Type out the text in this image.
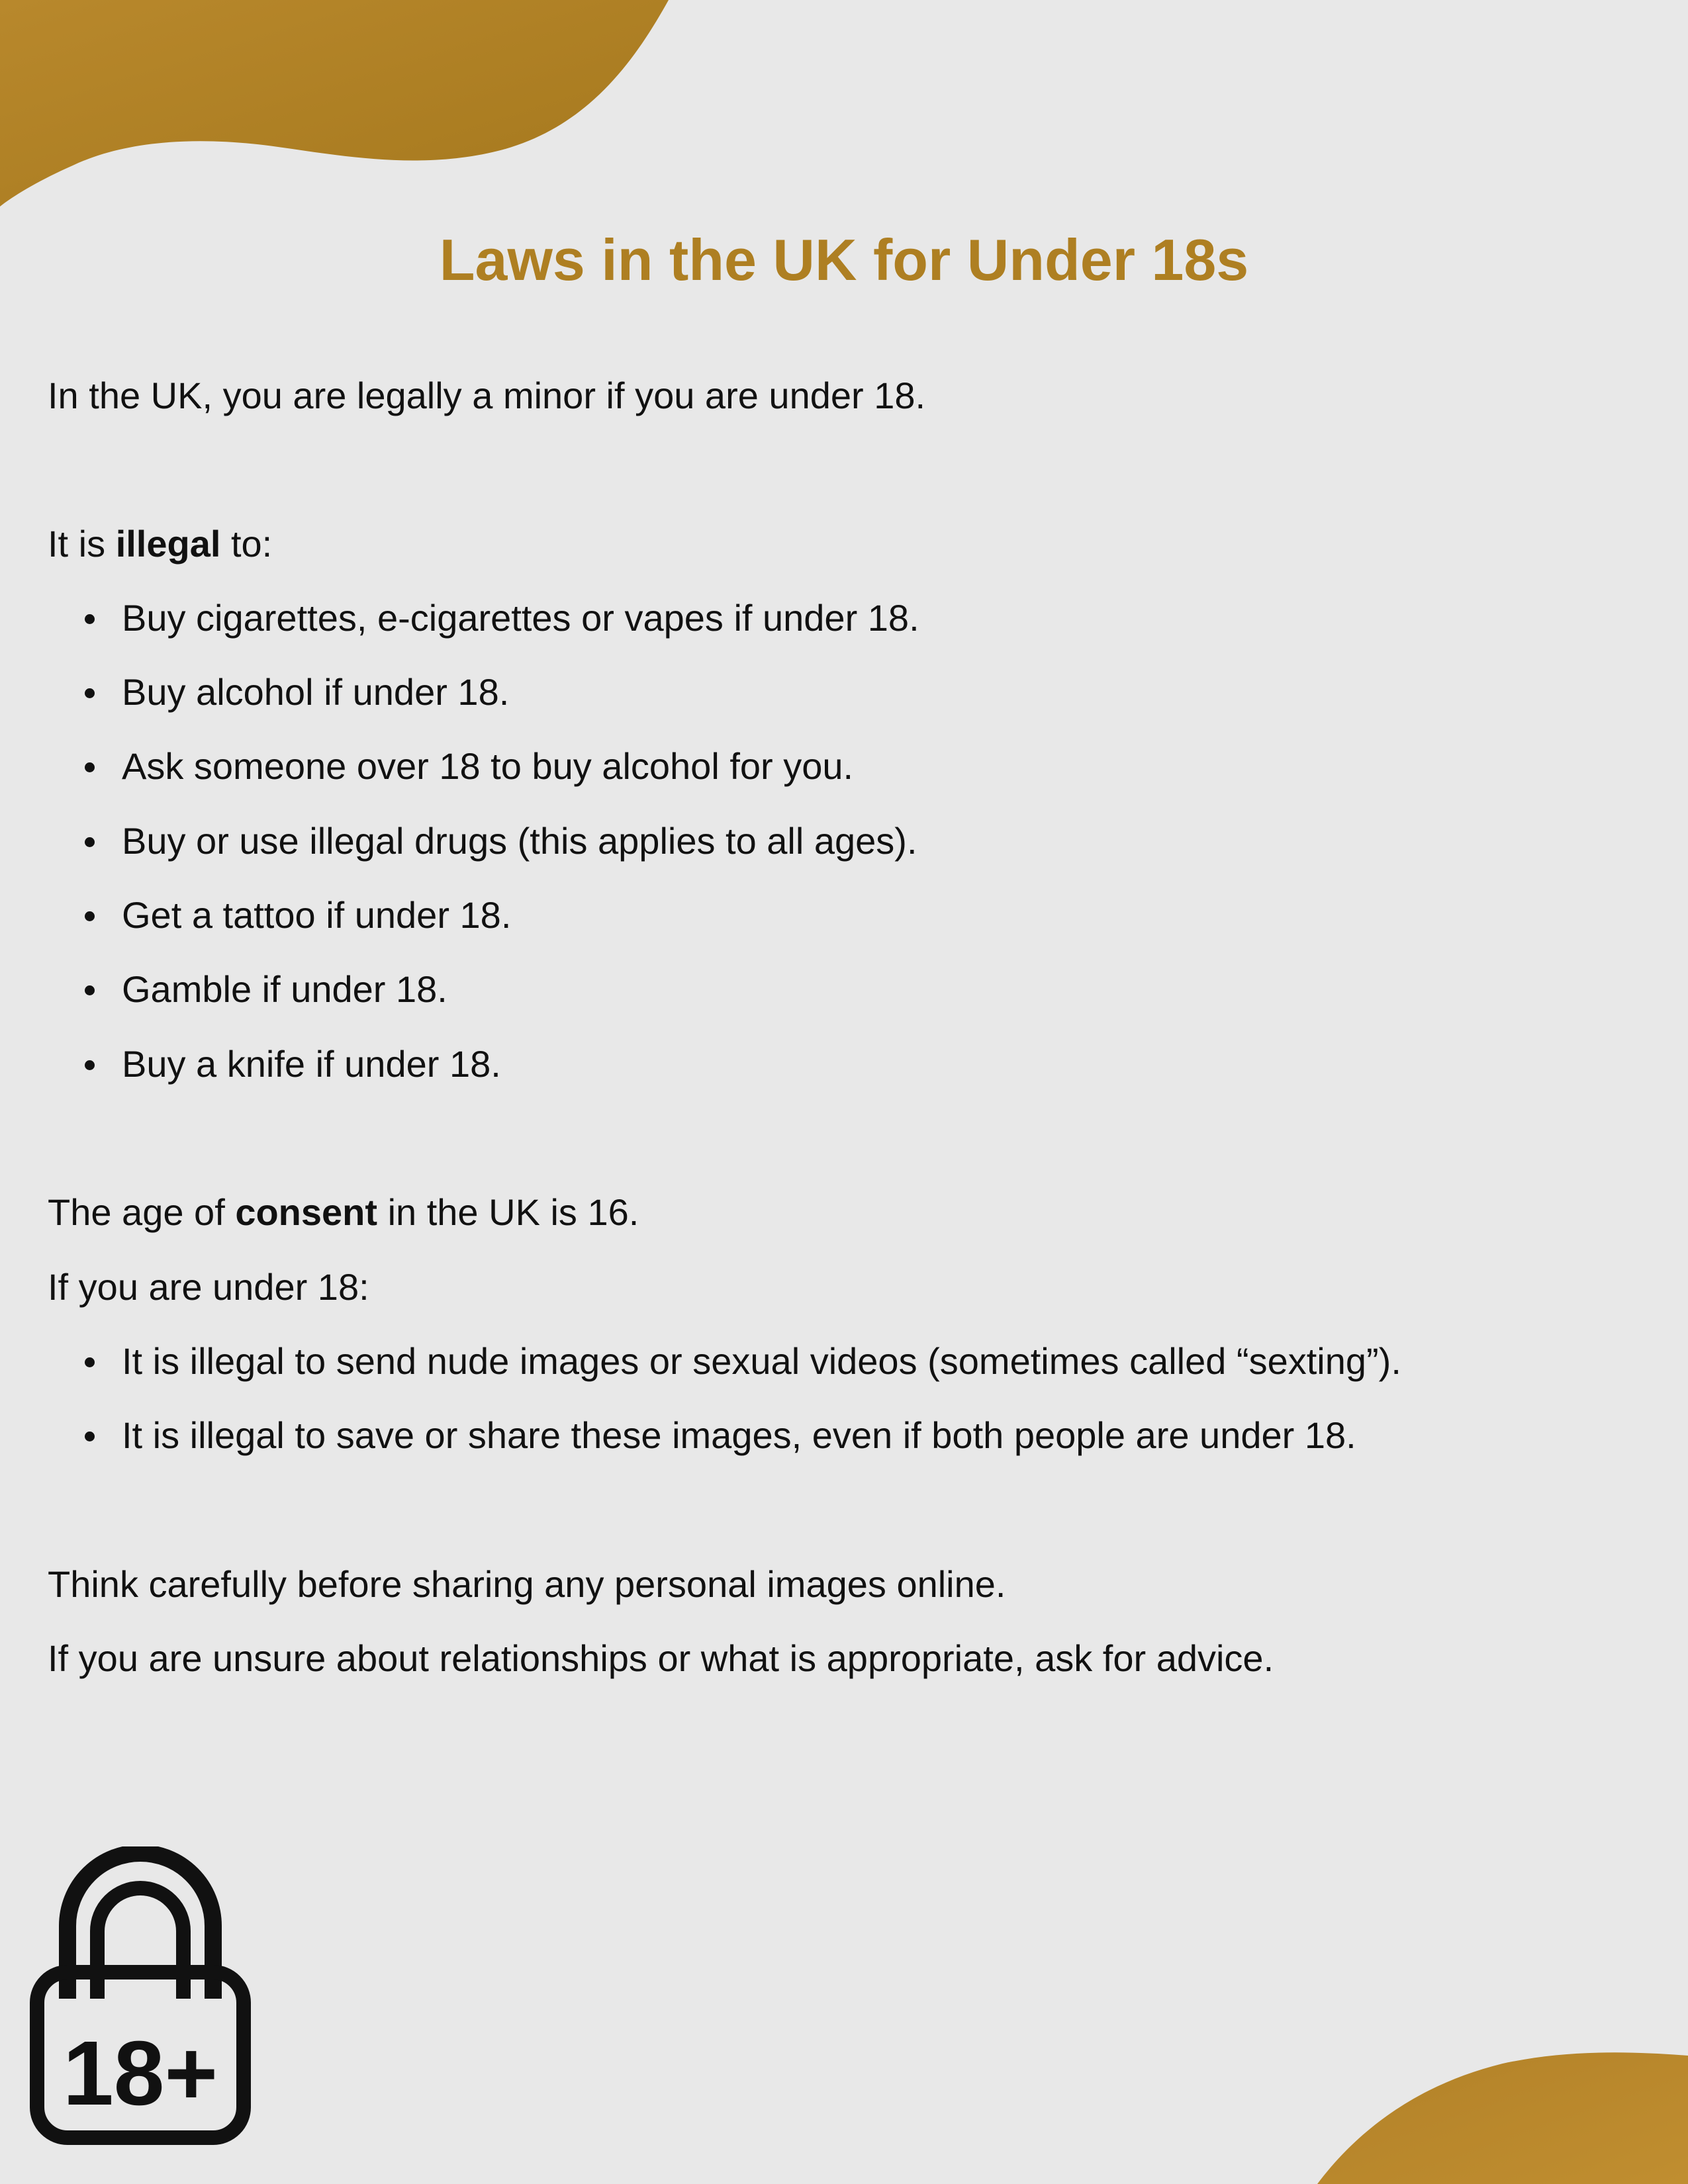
Laws in the UK for Under 18s

In the UK, you are legally a minor if you are under 18.

It is illegal to:

Buy cigarettes, e-cigarettes or vapes if under 18.
Buy alcohol if under 18.
Ask someone over 18 to buy alcohol for you.
Buy or use illegal drugs (this applies to all ages).
Get a tattoo if under 18.
Gamble if under 18.
Buy a knife if under 18.

The age of consent in the UK is 16.

If you are under 18:

It is illegal to send nude images or sexual videos (sometimes called “sexting”).
It is illegal to save or share these images, even if both people are under 18.

Think carefully before sharing any personal images online.

If you are unsure about relationships or what is appropriate, ask for advice.

18+
